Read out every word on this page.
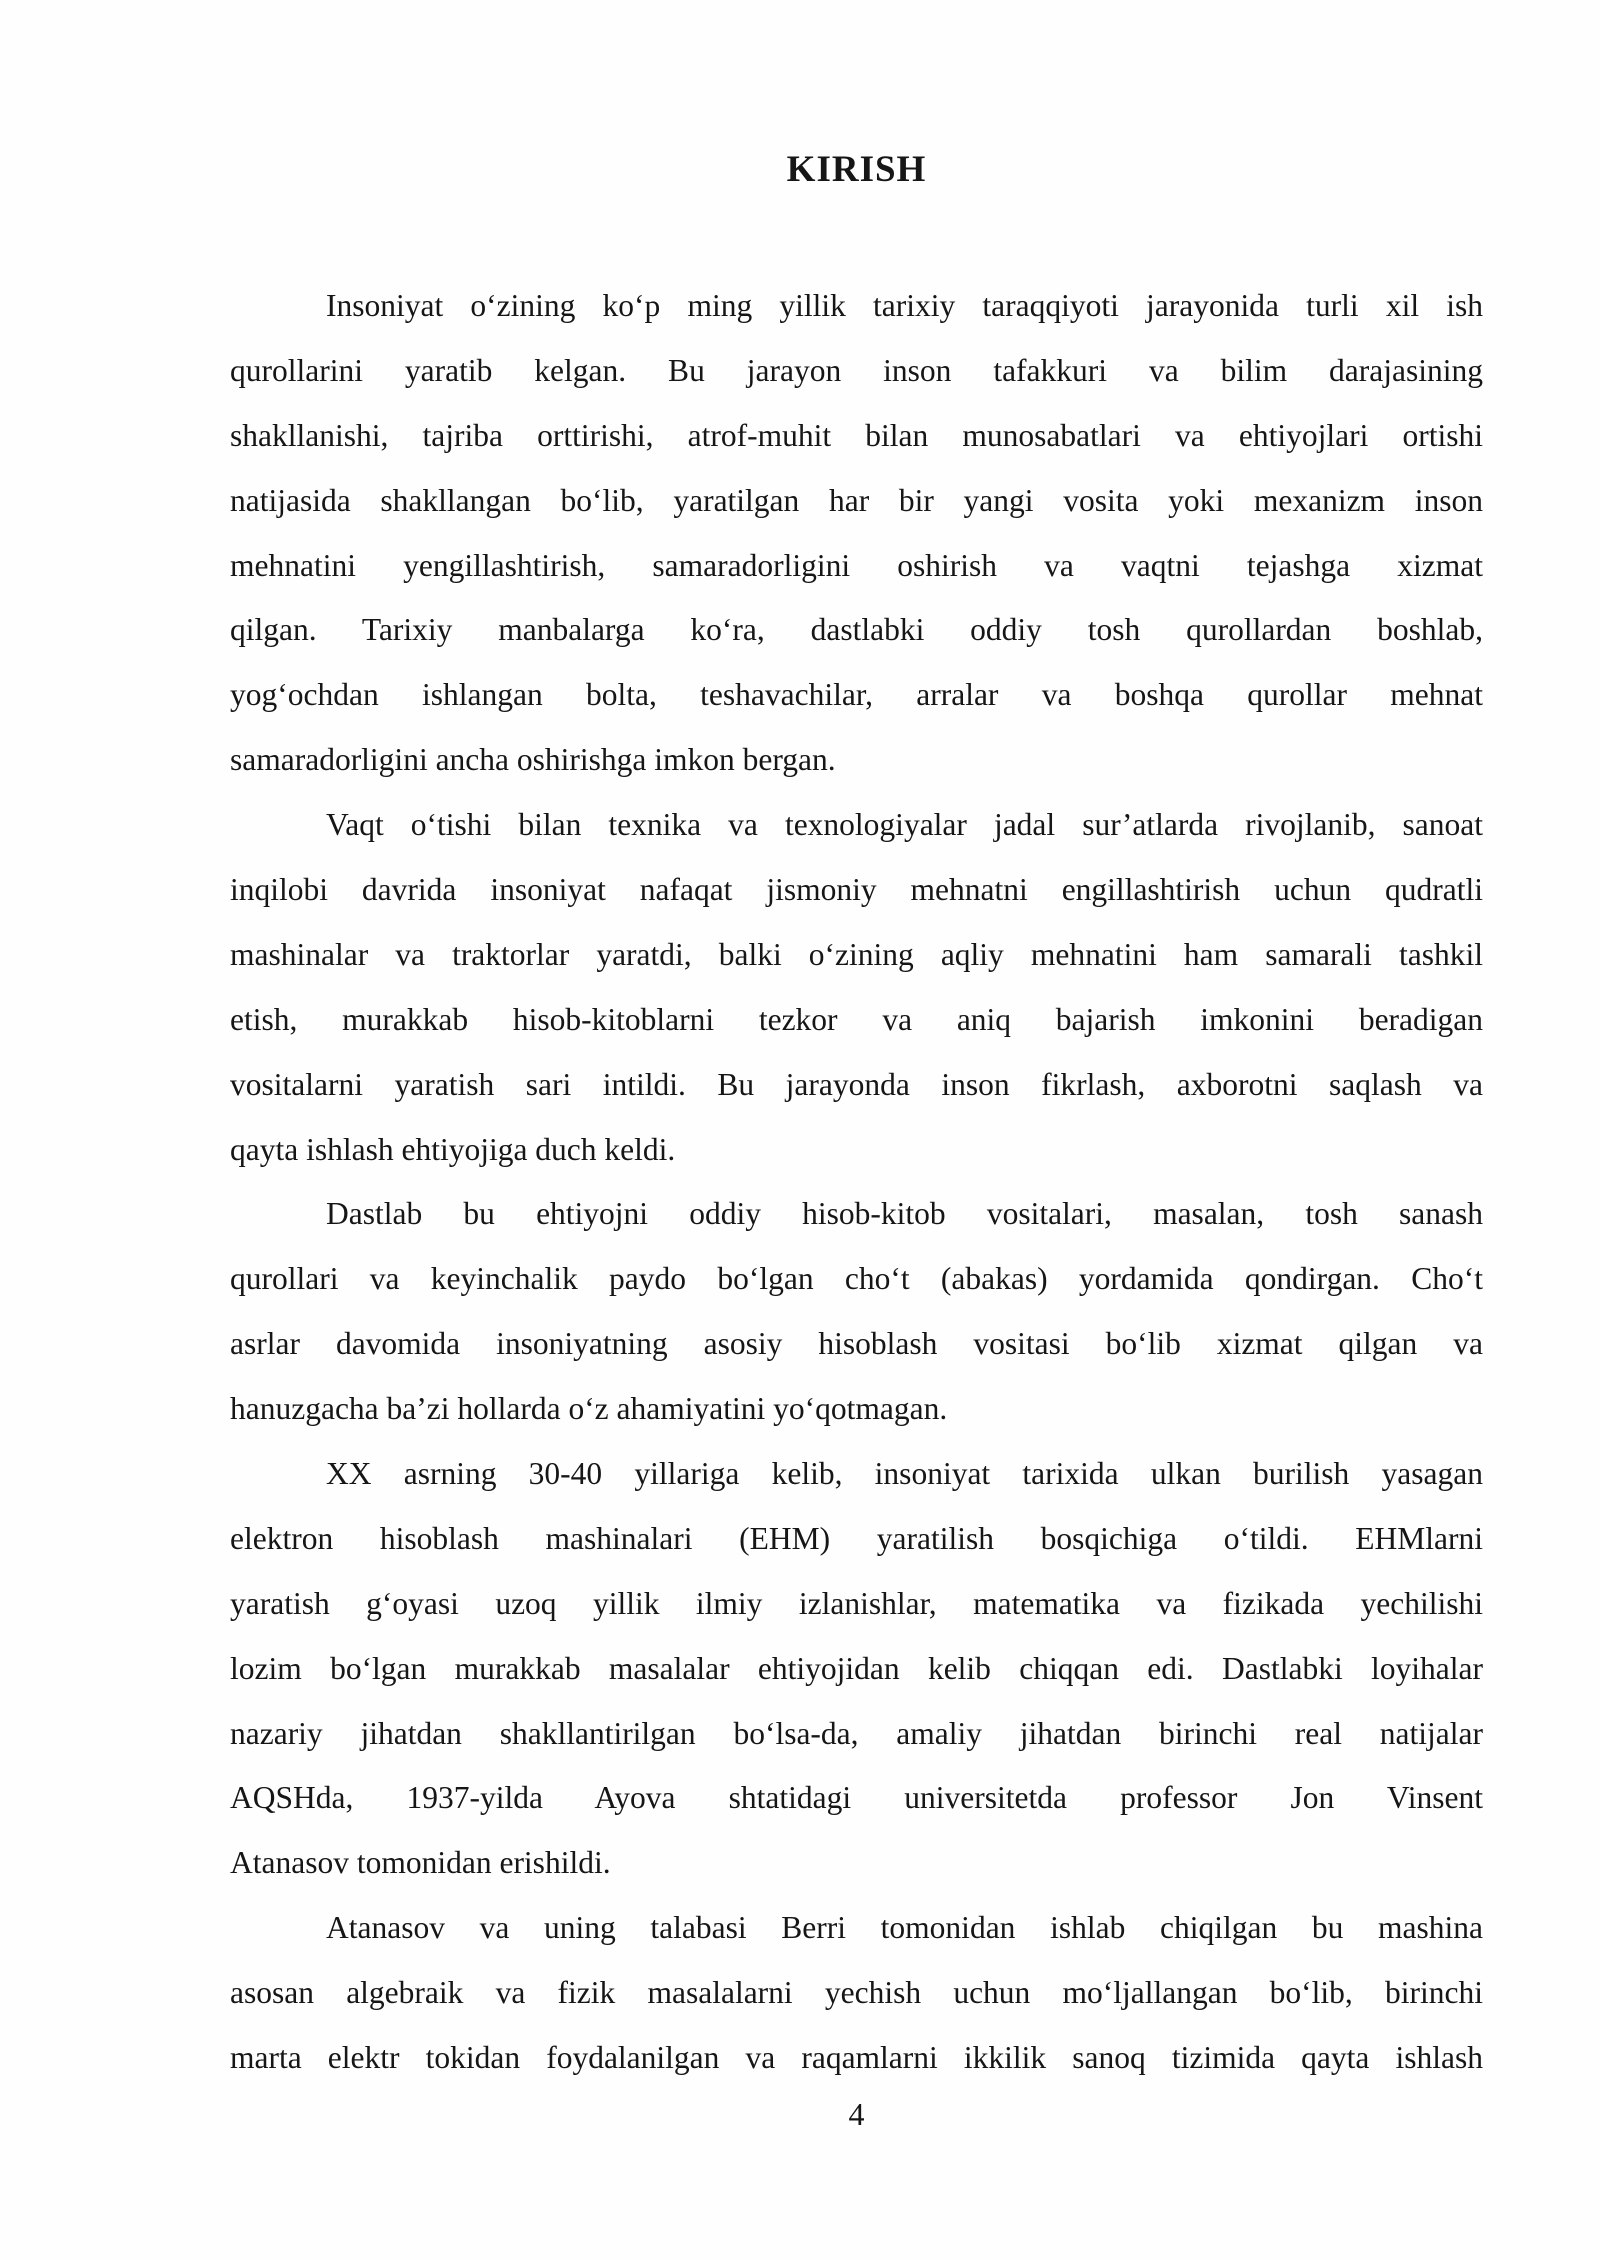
KIRISH
Insoniyat o‘zining ko‘p ming yillik tarixiy taraqqiyoti jarayonida turli xil ish
qurollarini yaratib kelgan. Bu jarayon inson tafakkuri va bilim darajasining
shakllanishi, tajriba orttirishi, atrof-muhit bilan munosabatlari va ehtiyojlari ortishi
natijasida shakllangan bo‘lib, yaratilgan har bir yangi vosita yoki mexanizm inson
mehnatini yengillashtirish, samaradorligini oshirish va vaqtni tejashga xizmat
qilgan. Tarixiy manbalarga ko‘ra, dastlabki oddiy tosh qurollardan boshlab,
yog‘ochdan ishlangan bolta, teshavachilar, arralar va boshqa qurollar mehnat
samaradorligini ancha oshirishga imkon bergan.
Vaqt o‘tishi bilan texnika va texnologiyalar jadal sur’atlarda rivojlanib, sanoat
inqilobi davrida insoniyat nafaqat jismoniy mehnatni engillashtirish uchun qudratli
mashinalar va traktorlar yaratdi, balki o‘zining aqliy mehnatini ham samarali tashkil
etish, murakkab hisob-kitoblarni tezkor va aniq bajarish imkonini beradigan
vositalarni yaratish sari intildi. Bu jarayonda inson fikrlash, axborotni saqlash va
qayta ishlash ehtiyojiga duch keldi.
Dastlab bu ehtiyojni oddiy hisob-kitob vositalari, masalan, tosh sanash
qurollari va keyinchalik paydo bo‘lgan cho‘t (abakas) yordamida qondirgan. Cho‘t
asrlar davomida insoniyatning asosiy hisoblash vositasi bo‘lib xizmat qilgan va
hanuzgacha ba’zi hollarda o‘z ahamiyatini yo‘qotmagan.
XX asrning 30-40 yillariga kelib, insoniyat tarixida ulkan burilish yasagan
elektron hisoblash mashinalari (EHM) yaratilish bosqichiga o‘tildi. EHMlarni
yaratish g‘oyasi uzoq yillik ilmiy izlanishlar, matematika va fizikada yechilishi
lozim bo‘lgan murakkab masalalar ehtiyojidan kelib chiqqan edi. Dastlabki loyihalar
nazariy jihatdan shakllantirilgan bo‘lsa-da, amaliy jihatdan birinchi real natijalar
AQSHda, 1937-yilda Ayova shtatidagi universitetda professor Jon Vinsent
Atanasov tomonidan erishildi.
Atanasov va uning talabasi Berri tomonidan ishlab chiqilgan bu mashina
asosan algebraik va fizik masalalarni yechish uchun mo‘ljallangan bo‘lib, birinchi
marta elektr tokidan foydalanilgan va raqamlarni ikkilik sanoq tizimida qayta ishlash
4
